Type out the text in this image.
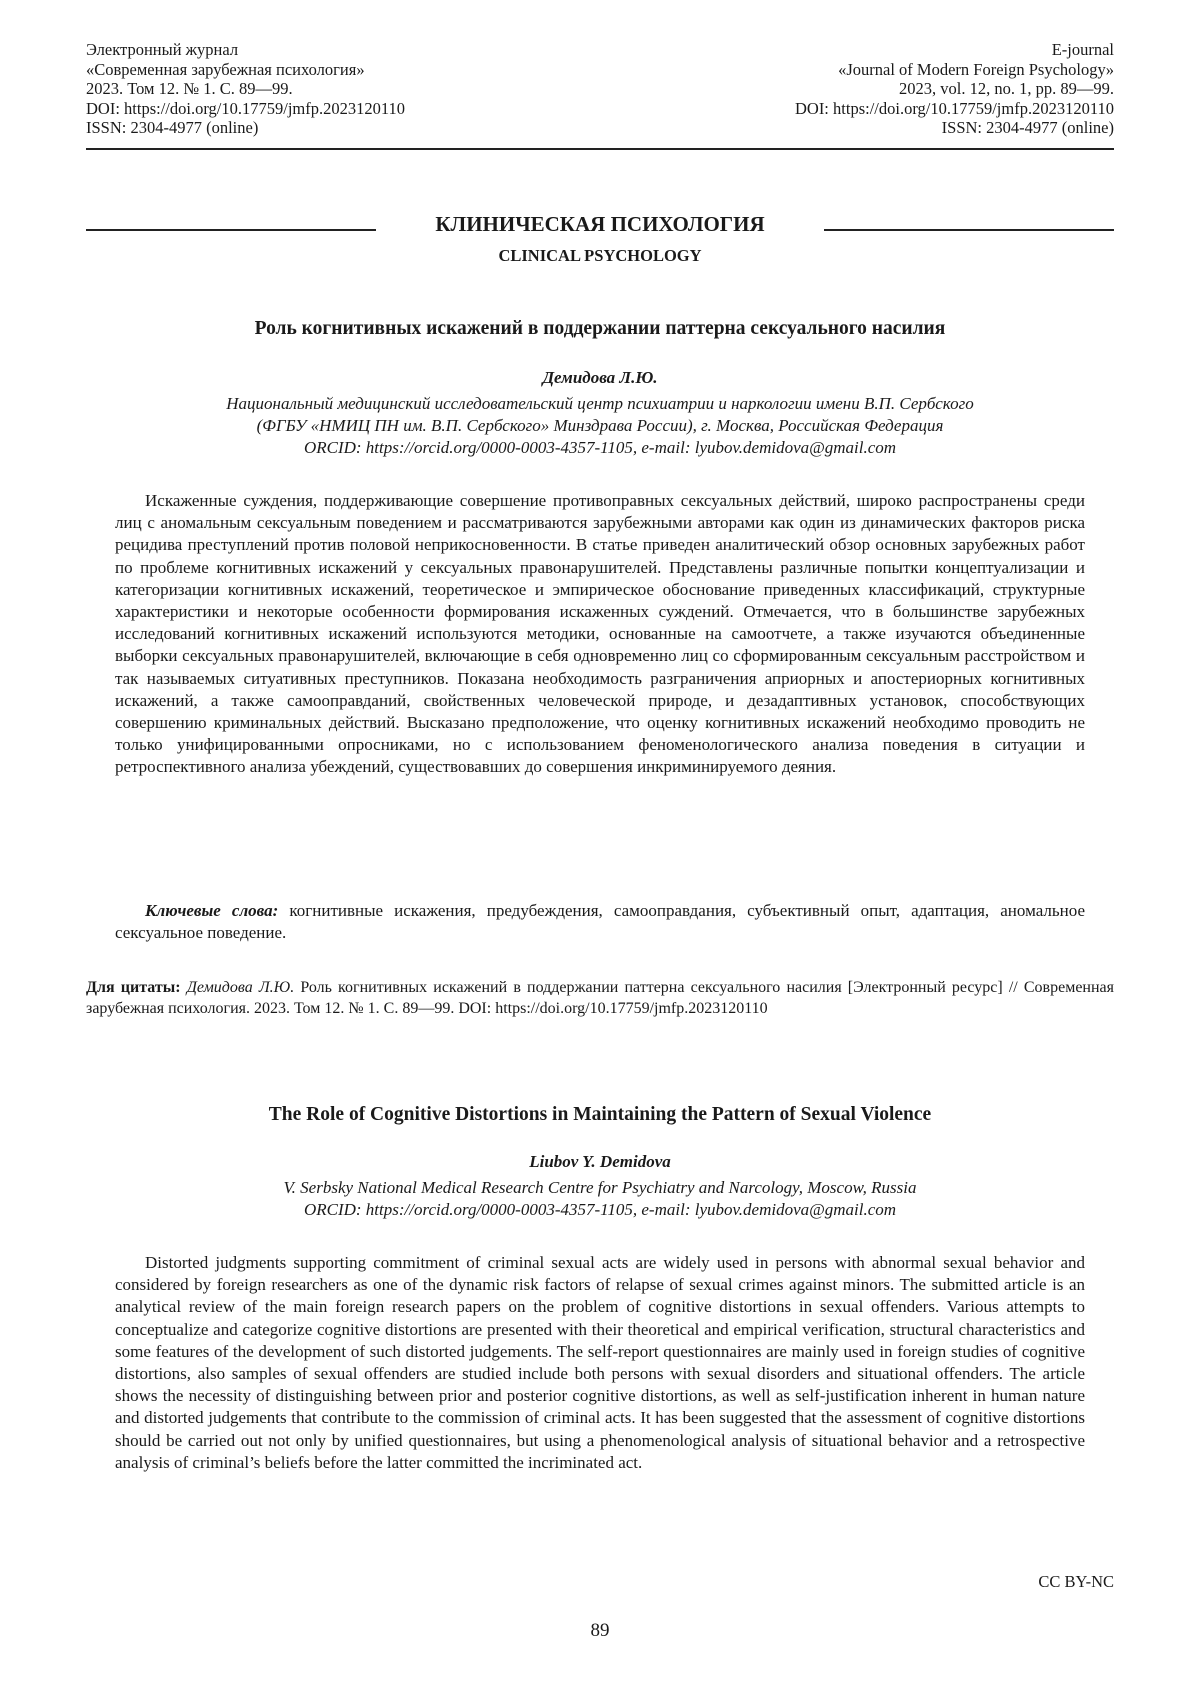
Электронный журнал
«Современная зарубежная психология»
2023. Том 12. № 1. С. 89—99.
DOI: https://doi.org/10.17759/jmfp.2023120110
ISSN: 2304-4977 (online)
E-journal
«Journal of Modern Foreign Psychology»
2023, vol. 12, no. 1, pp. 89—99.
DOI: https://doi.org/10.17759/jmfp.2023120110
ISSN: 2304-4977 (online)
КЛИНИЧЕСКАЯ ПСИХОЛОГИЯ
CLINICAL PSYCHOLOGY
Роль когнитивных искажений в поддержании паттерна сексуального насилия
Демидова Л.Ю.
Национальный медицинский исследовательский центр психиатрии и наркологии имени В.П. Сербского
(ФГБУ «НМИЦ ПН им. В.П. Сербского» Минздрава России), г. Москва, Российская Федерация
ORCID: https://orcid.org/0000-0003-4357-1105, e-mail: lyubov.demidova@gmail.com

Искаженные суждения, поддерживающие совершение противоправных сексуальных действий, широко распространены среди лиц с аномальным сексуальным поведением и рассматриваются зарубежными авторами как один из динамических факторов риска рецидива преступлений против половой неприкосновенности. В статье приведен аналитический обзор основных зарубежных работ по проблеме когнитивных искажений у сексуальных правонарушителей. Представлены различные попытки концептуализации и категоризации когнитивных искажений, теоретическое и эмпирическое обоснование приведенных классификаций, структурные характеристики и некоторые особенности формирования искаженных суждений. Отмечается, что в большинстве зарубежных исследований когнитивных искажений используются методики, основанные на самоотчете, а также изучаются объединенные выборки сексуальных правонарушителей, включающие в себя одновременно лиц со сформированным сексуальным расстройством и так называемых ситуативных преступников. Показана необходимость разграничения априорных и апостериорных когнитивных искажений, а также самооправданий, свойственных человеческой природе, и дезадаптивных установок, способствующих совершению криминальных действий. Высказано предположение, что оценку когнитивных искажений необходимо проводить не только унифицированными опросниками, но с использованием феноменологического анализа поведения в ситуации и ретроспективного анализа убеждений, существовавших до совершения инкриминируемого деяния.

Ключевые слова: когнитивные искажения, предубеждения, самооправдания, субъективный опыт, адаптация, аномальное сексуальное поведение.

Для цитаты: Демидова Л.Ю. Роль когнитивных искажений в поддержании паттерна сексуального насилия [Электронный ресурс] // Современная зарубежная психология. 2023. Том 12. № 1. С. 89—99. DOI: https://doi.org/10.17759/jmfp.2023120110

The Role of Cognitive Distortions in Maintaining the Pattern of Sexual Violence
Liubov Y. Demidova
V. Serbsky National Medical Research Centre for Psychiatry and Narcology, Moscow, Russia
ORCID: https://orcid.org/0000-0003-4357-1105, e-mail: lyubov.demidova@gmail.com

Distorted judgments supporting commitment of criminal sexual acts are widely used in persons with abnormal sexual behavior and considered by foreign researchers as one of the dynamic risk factors of relapse of sexual crimes against minors. The submitted article is an analytical review of the main foreign research papers on the problem of cognitive distortions in sexual offenders. Various attempts to conceptualize and categorize cognitive distortions are presented with their theoretical and empirical verification, structural characteristics and some features of the development of such distorted judgements. The self-report questionnaires are mainly used in foreign studies of cognitive distortions, also samples of sexual offenders are studied include both persons with sexual disorders and situational offenders. The article shows the necessity of distinguishing between prior and posterior cognitive distortions, as well as self-justification inherent in human nature and distorted judgements that contribute to the commission of criminal acts. It has been suggested that the assessment of cognitive distortions should be carried out not only by unified questionnaires, but using a phenomenological analysis of situational behavior and a retrospective analysis of criminal’s beliefs before the latter committed the incriminated act.

CC BY-NC
89
